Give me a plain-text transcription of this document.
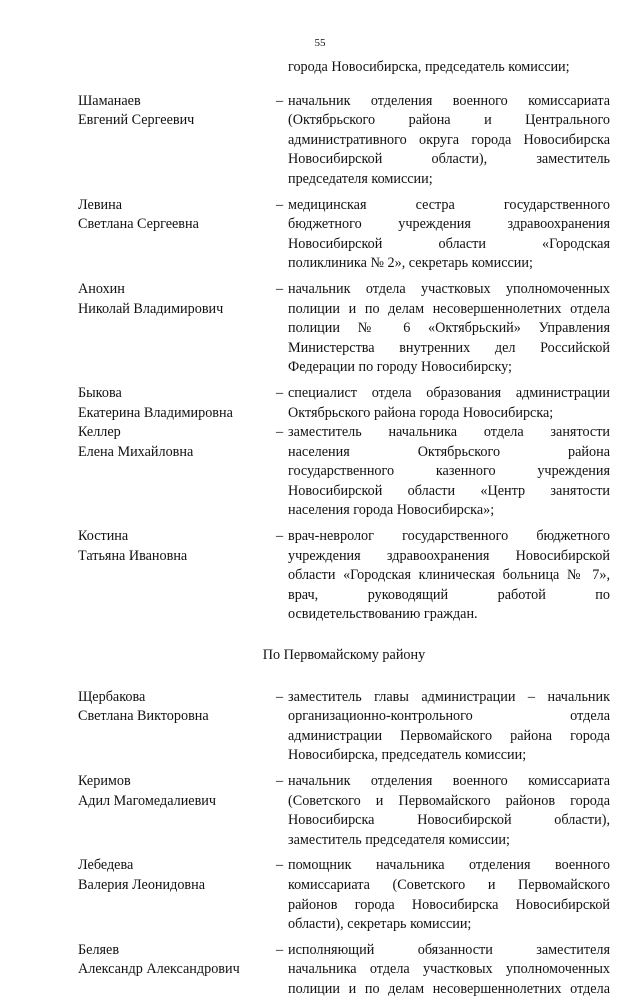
55
города Новосибирска, председатель комиссии;
Шаманаев
Евгений Сергеевич
– начальник отделения военного комиссариата
(Октябрьского района и Центрального
административного округа города Новосибирска
Новосибирской области), заместитель
председателя комиссии;
Левина
Светлана Сергеевна
– медицинская сестра государственного
бюджетного учреждения здравоохранения
Новосибирской области «Городская
поликлиника № 2», секретарь комиссии;
Анохин
Николай Владимирович
– начальник отдела участковых уполномоченных
полиции и по делам несовершеннолетних отдела
полиции № 6 «Октябрьский» Управления
Министерства внутренних дел Российской
Федерации по городу Новосибирску;
Быкова
Екатерина Владимировна
– специалист отдела образования администрации
Октябрьского района города Новосибирска;
Келлер
Елена Михайловна
– заместитель начальника отдела занятости
населения Октябрьского района
государственного казенного учреждения
Новосибирской области «Центр занятости
населения города Новосибирска»;
Костина
Татьяна Ивановна
– врач-невролог государственного бюджетного
учреждения здравоохранения Новосибирской
области «Городская клиническая больница № 7»,
врач, руководящий работой по
освидетельствованию граждан.
По Первомайскому району
Щербакова
Светлана Викторовна
– заместитель главы администрации – начальник
организационно-контрольного отдела
администрации Первомайского района города
Новосибирска, председатель комиссии;
Керимов
Адил Магомедалиевич
– начальник отделения военного комиссариата
(Советского и Первомайского районов города
Новосибирска Новосибирской области),
заместитель председателя комиссии;
Лебедева
Валерия Леонидовна
– помощник начальника отделения военного
комиссариата (Советского и Первомайского
районов города Новосибирска Новосибирской
области), секретарь комиссии;
Беляев
Александр Александрович
– исполняющий обязанности заместителя
начальника отдела участковых уполномоченных
полиции и по делам несовершеннолетних отдела
